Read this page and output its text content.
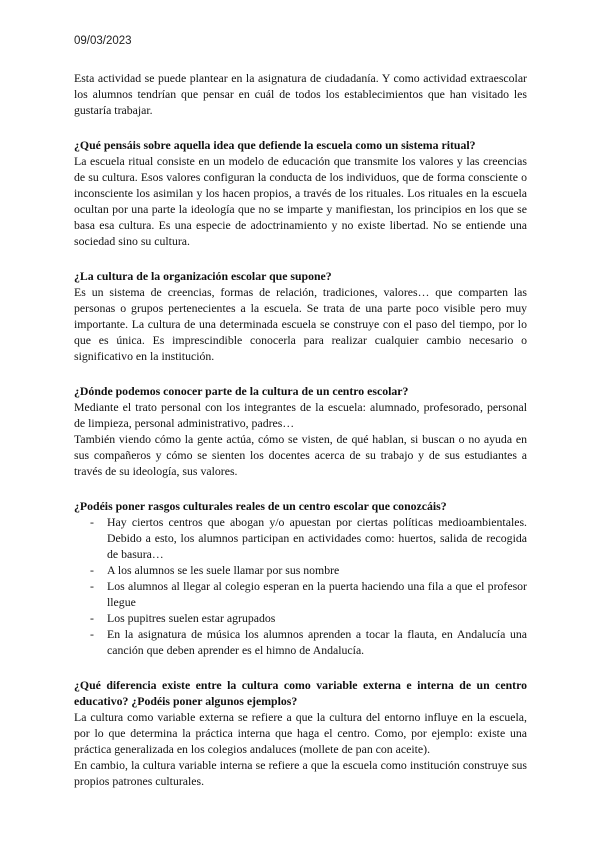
09/03/2023

Esta actividad se puede plantear en la asignatura de ciudadanía. Y como actividad extraescolar los alumnos tendrían que pensar en cuál de todos los establecimientos que han visitado les gustaría trabajar.

¿Qué pensáis sobre aquella idea que defiende la escuela como un sistema ritual?

La escuela ritual consiste en un modelo de educación que transmite los valores y las creencias de su cultura. Esos valores configuran la conducta de los individuos, que de forma consciente o inconsciente los asimilan y los hacen propios, a través de los rituales. Los rituales en la escuela ocultan por una parte la ideología que no se imparte y manifiestan, los principios en los que se basa esa cultura. Es una especie de adoctrinamiento y no existe libertad. No se entiende una sociedad sino su cultura.

¿La cultura de la organización escolar que supone?

Es un sistema de creencias, formas de relación, tradiciones, valores… que comparten las personas o grupos pertenecientes a la escuela. Se trata de una parte poco visible pero muy importante. La cultura de una determinada escuela se construye con el paso del tiempo, por lo que es única. Es imprescindible conocerla para realizar cualquier cambio necesario o significativo en la institución.

¿Dónde podemos conocer parte de la cultura de un centro escolar?

Mediante el trato personal con los integrantes de la escuela: alumnado, profesorado, personal de limpieza, personal administrativo, padres…

También viendo cómo la gente actúa, cómo se visten, de qué hablan, si buscan o no ayuda en sus compañeros y cómo se sienten los docentes acerca de su trabajo y de sus estudiantes a través de su ideología, sus valores.

¿Podéis poner rasgos culturales reales de un centro escolar que conozcáis?
- Hay ciertos centros que abogan y/o apuestan por ciertas políticas medioambientales. Debido a esto, los alumnos participan en actividades como: huertos, salida de recogida de basura…
- A los alumnos se les suele llamar por sus nombre
- Los alumnos al llegar al colegio esperan en la puerta haciendo una fila a que el profesor llegue
- Los pupitres suelen estar agrupados
- En la asignatura de música los alumnos aprenden a tocar la flauta, en Andalucía una canción que deben aprender es el himno de Andalucía.
¿Qué diferencia existe entre la cultura como variable externa e interna de un centro educativo? ¿Podéis poner algunos ejemplos?

La cultura como variable externa se refiere a que la cultura del entorno influye en la escuela, por lo que determina la práctica interna que haga el centro. Como, por ejemplo: existe una práctica generalizada en los colegios andaluces (mollete de pan con aceite).

En cambio, la cultura variable interna se refiere a que la escuela como institución construye sus propios patrones culturales.
